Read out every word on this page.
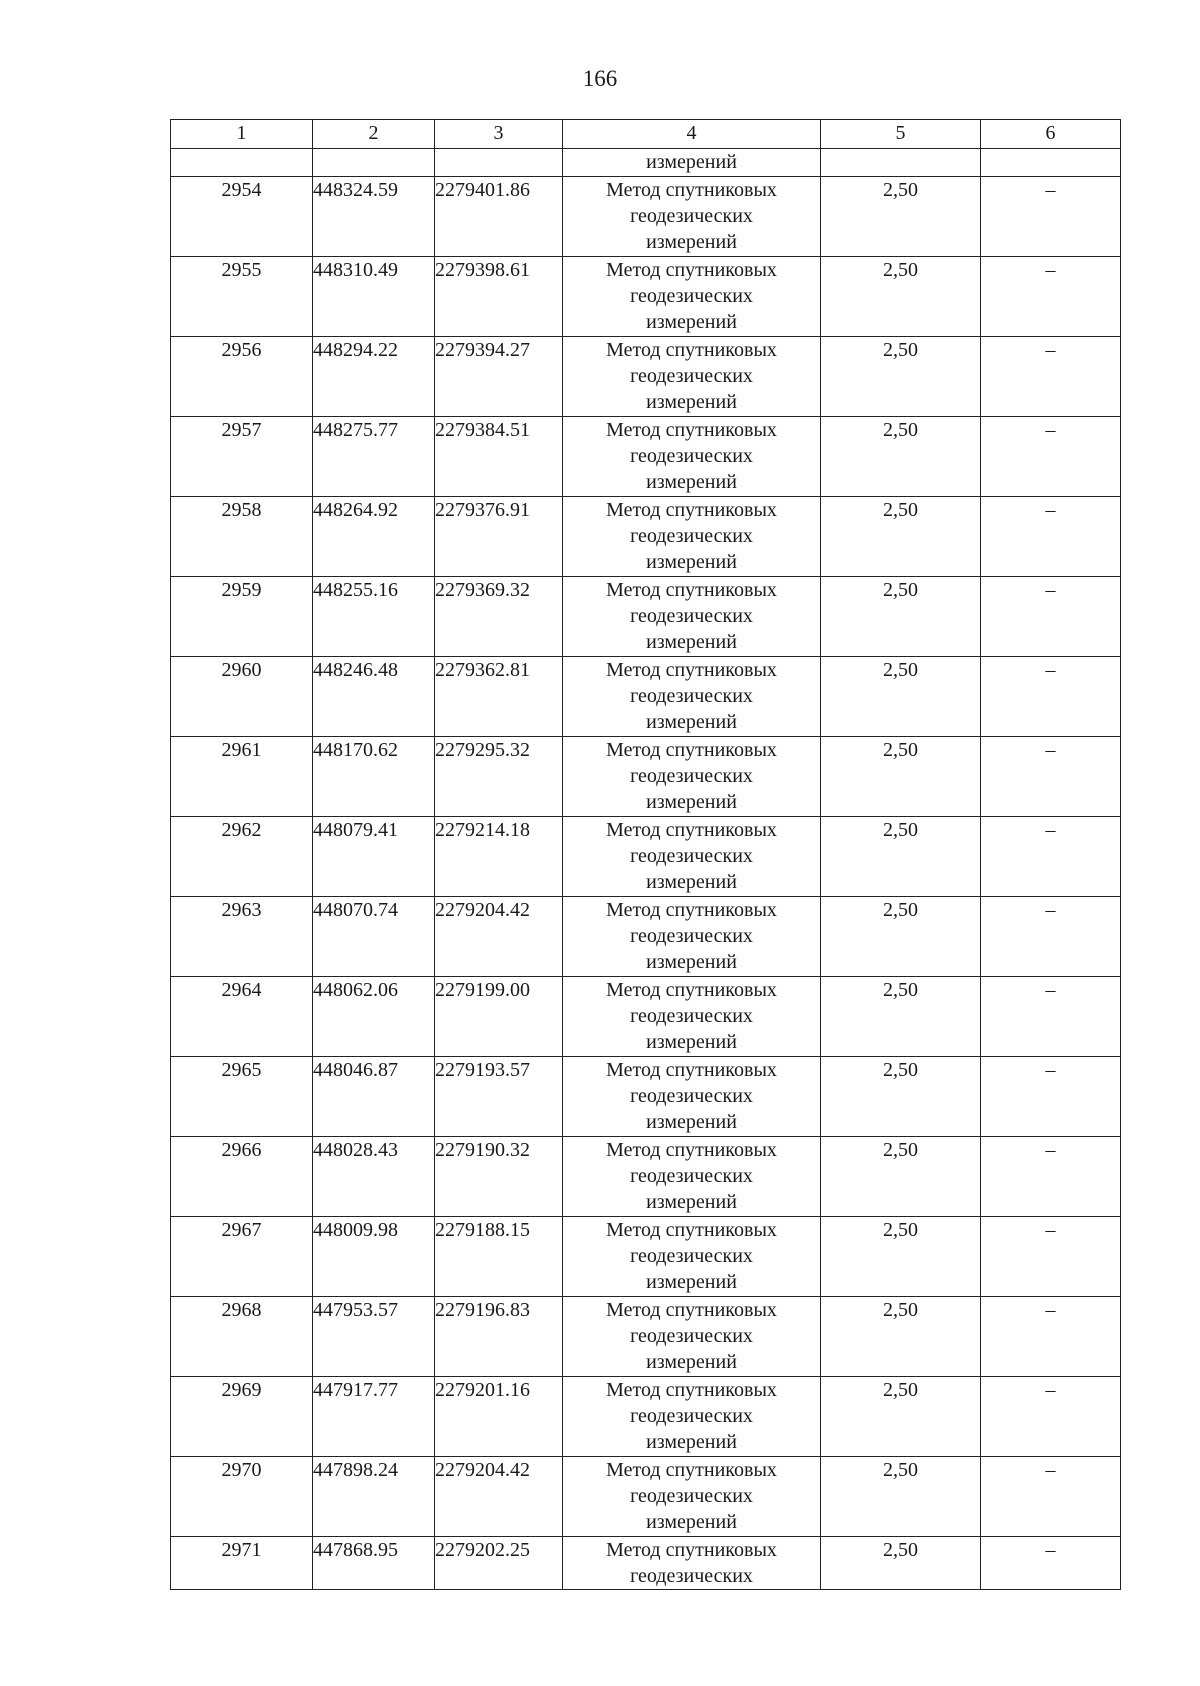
166
1	2	3	4	5	6
			измерений		
2954	448324.59	2279401.86	Метод спутниковых
геодезических
измерений	2,50	–
2955	448310.49	2279398.61	Метод спутниковых
геодезических
измерений	2,50	–
2956	448294.22	2279394.27	Метод спутниковых
геодезических
измерений	2,50	–
2957	448275.77	2279384.51	Метод спутниковых
геодезических
измерений	2,50	–
2958	448264.92	2279376.91	Метод спутниковых
геодезических
измерений	2,50	–
2959	448255.16	2279369.32	Метод спутниковых
геодезических
измерений	2,50	–
2960	448246.48	2279362.81	Метод спутниковых
геодезических
измерений	2,50	–
2961	448170.62	2279295.32	Метод спутниковых
геодезических
измерений	2,50	–
2962	448079.41	2279214.18	Метод спутниковых
геодезических
измерений	2,50	–
2963	448070.74	2279204.42	Метод спутниковых
геодезических
измерений	2,50	–
2964	448062.06	2279199.00	Метод спутниковых
геодезических
измерений	2,50	–
2965	448046.87	2279193.57	Метод спутниковых
геодезических
измерений	2,50	–
2966	448028.43	2279190.32	Метод спутниковых
геодезических
измерений	2,50	–
2967	448009.98	2279188.15	Метод спутниковых
геодезических
измерений	2,50	–
2968	447953.57	2279196.83	Метод спутниковых
геодезических
измерений	2,50	–
2969	447917.77	2279201.16	Метод спутниковых
геодезических
измерений	2,50	–
2970	447898.24	2279204.42	Метод спутниковых
геодезических
измерений	2,50	–
2971	447868.95	2279202.25	Метод спутниковых
геодезических	2,50	–
